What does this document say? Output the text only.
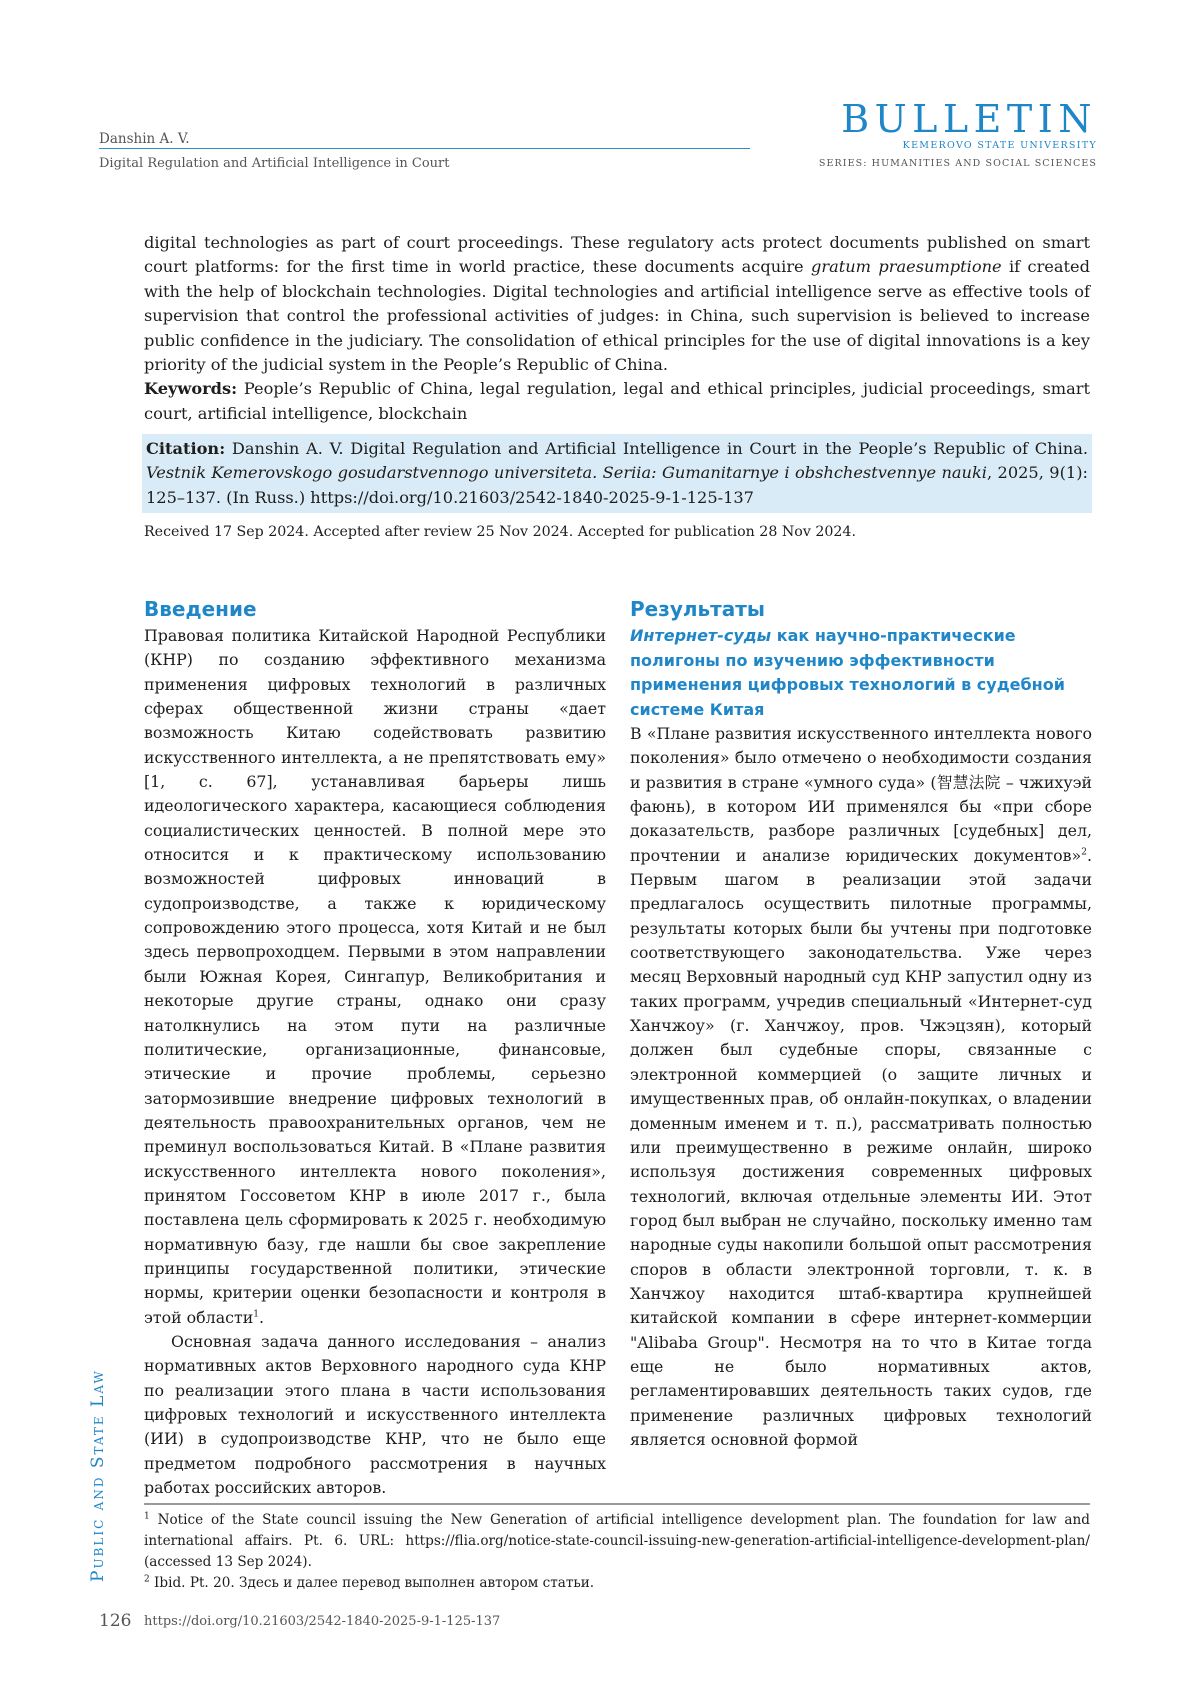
Danshin A. V.
Digital Regulation and Artificial Intelligence in Court
BULLETIN
KEMEROVO STATE UNIVERSITY
SERIES: HUMANITIES AND SOCIAL SCIENCES

digital technologies as part of court proceedings. These regulatory acts protect documents published on smart court platforms: for the first time in world practice, these documents acquire gratum praesumptione if created with the help of blockchain technologies. Digital technologies and artificial intelligence serve as effective tools of supervision that control the professional activities of judges: in China, such supervision is believed to increase public confidence in the judiciary. The consolidation of ethical principles for the use of digital innovations is a key priority of the judicial system in the People’s Republic of China.

Keywords: People’s Republic of China, legal regulation, legal and ethical principles, judicial proceedings, smart court, artificial intelligence, blockchain

Citation: Danshin A. V. Digital Regulation and Artificial Intelligence in Court in the People’s Republic of China. Vestnik Kemerovskogo gosudarstvennogo universiteta. Seriia: Gumanitarnye i obshchestvennye nauki, 2025, 9(1): 125–137. (In Russ.) https://doi.org/10.21603/2542-1840-2025-9-1-125-137
Received 17 Sep 2024. Accepted after review 25 Nov 2024. Accepted for publication 28 Nov 2024.
Введение

Правовая политика Китайской Народной Республики (КНР) по созданию эффективного механизма применения цифровых технологий в различных сферах общественной жизни страны «дает возможность Китаю содействовать развитию искусственного интеллекта, а не препятствовать ему» [1, с. 67], устанавливая барьеры лишь идеологического характера, касающиеся соблюдения социалистических ценностей. В полной мере это относится и к практическому использованию возможностей цифровых инноваций в судопроизводстве, а также к юридическому сопровождению этого процесса, хотя Китай и не был здесь первопроходцем. Первыми в этом направлении были Южная Корея, Сингапур, Великобритания и некоторые другие страны, однако они сразу натолкнулись на этом пути на различные политические, организационные, финансовые, этические и прочие проблемы, серьезно затормозившие внедрение цифровых технологий в деятельность правоохранительных органов, чем не преминул воспользоваться Китай. В «Плане развития искусственного интеллекта нового поколения», принятом Госсоветом КНР в июле 2017 г., была поставлена цель сформировать к 2025 г. необходимую нормативную базу, где нашли бы свое закрепление принципы государственной политики, этические нормы, критерии оценки безопасности и контроля в этой области$^1$.

Основная задача данного исследования – анализ нормативных актов Верховного народного суда КНР по реализации этого плана в части использования цифровых технологий и искусственного интеллекта (ИИ) в судопроизводстве КНР, что не было еще предметом подробного рассмотрения в научных работах российских авторов.

Результаты
Интернет-суды как научно-практические полигоны по изучению эффективности применения цифровых технологий в судебной системе Китая

В «Плане развития искусственного интеллекта нового поколения» было отмечено о необходимости создания и развития в стране «умного суда» (智慧法院 – чжихуэй фаюнь), в котором ИИ применялся бы «при сборе доказательств, разборе различных [судебных] дел, прочтении и анализе юридических документов»$^2$. Первым шагом в реализации этой задачи предлагалось осуществить пилотные программы, результаты которых были бы учтены при подготовке соответствующего законодательства. Уже через месяц Верховный народный суд КНР запустил одну из таких программ, учредив специальный «Интернет-суд Ханчжоу» (г. Ханчжоу, пров. Чжэцзян), который должен был судебные споры, связанные с электронной коммерцией (о защите личных и имущественных прав, об онлайн-покупках, о владении доменным именем и т. п.), рассматривать полностью или преимущественно в режиме онлайн, широко используя достижения современных цифровых технологий, включая отдельные элементы ИИ. Этот город был выбран не случайно, поскольку именно там народные суды накопили большой опыт рассмотрения споров в области электронной торговли, т. к. в Ханчжоу находится штаб-квартира крупнейшей китайской компании в сфере интернет-коммерции "Alibaba Group". Несмотря на то что в Китае тогда еще не было нормативных актов, регламентировавших деятельность таких судов, где применение различных цифровых технологий является основной формой

Public and State Law	$^1$ Notice of the State council issuing the New Generation of artificial intelligence development plan. The foundation for law and international affairs. Pt. 6. URL: https://flia.org/notice-state-council-issuing-new-generation-artificial-intelligence-development-plan/ (accessed 13 Sep 2024).

$^2$ Ibid. Pt. 20. Здесь и далее перевод выполнен автором статьи.

126 https://doi.org/10.21603/2542-1840-2025-9-1-125-137
